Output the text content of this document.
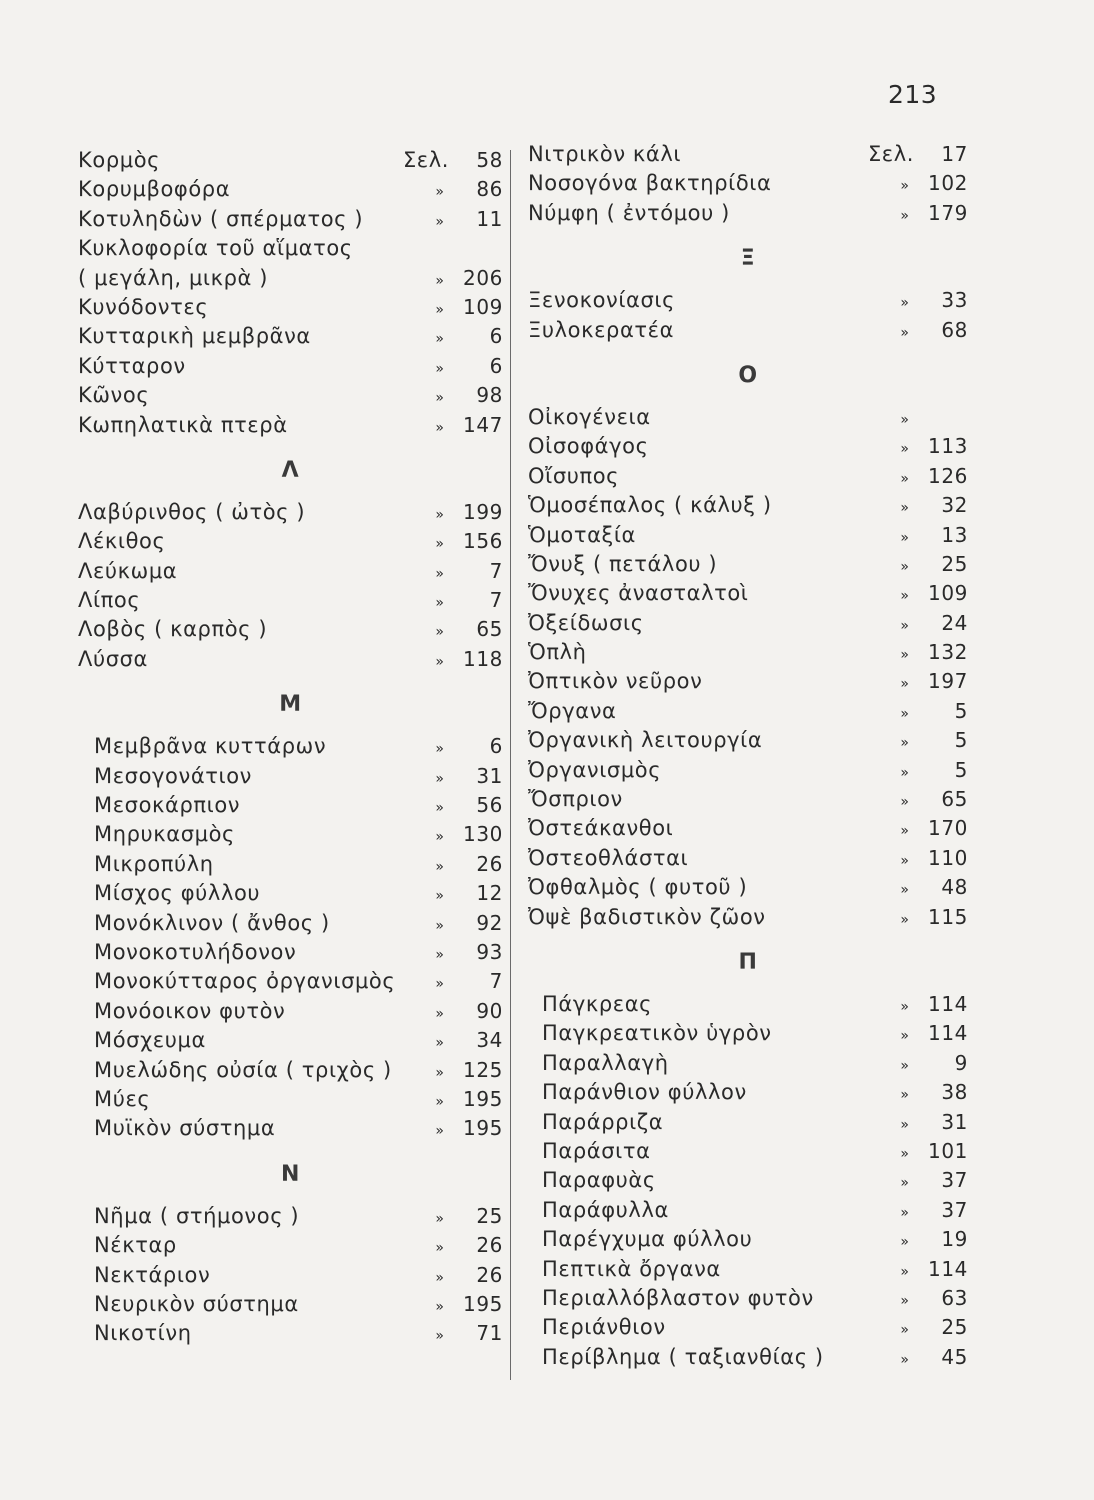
213
Κορμὸς	Σελ.	58
Κορυμβοφόρα	»	86
Κοτυληδὼν ( σπέρματος )	»	11
Κυκλοφορία τοῦ αἵματος
( μεγάλη, μικρὰ )	» 206
Κυνόδοντες	» 109
Κυτταρικὴ μεμβρᾶνα	»	6
Κύτταρον	»	6
Κῶνος	»	98
Κωπηλατικὰ πτερὰ	» 147
Λ
Λαβύρινθος ( ὠτὸς )	» 199
Λέκιθος	» 156
Λεύκωμα	»	7
Λίπος	»	7
Λοβὸς ( καρπὸς )	»	65
Λύσσα	» 118
Μ
Μεμβρᾶνα κυττάρων	»	6
Μεσογονάτιον	»	31
Μεσοκάρπιον	»	56
Μηρυκασμὸς	» 130
Μικροπύλη	»	26
Μίσχος φύλλου	»	12
Μονόκλινον ( ἄνθος )	»	92
Μονοκοτυλήδονον	»	93
Μονοκύτταρος ὀργανισμὸς	»	7
Μονόοικον φυτὸν	»	90
Μόσχευμα	»	34
Μυελώδης οὐσία ( τριχὸς )	» 125
Μύες	» 195
Μυϊκὸν σύστημα	» 195
Ν
Νῆμα ( στήμονος )	»	25
Νέκταρ	»	26
Νεκτάριον	»	26
Νευρικὸν σύστημα	» 195
Νικοτίνη	»	71
Νιτρικὸν κάλι	Σελ.	17
Νοσογόνα βακτηρίδια	» 102
Νύμφη ( ἐντόμου )	» 179
Ξ
Ξενοκονίασις	»	33
Ξυλοκερατέα	»	68
Ο
Οἰκογένεια	»
Οἰσοφάγος	» 113
Οἴσυπος	» 126
Ὁμοσέπαλος ( κάλυξ )	»	32
Ὁμοταξία	»	13
Ὄνυξ ( πετάλου )	»	25
Ὄνυχες ἀνασταλτοὶ	» 109
Ὀξείδωσις	»	24
Ὁπλὴ	» 132
Ὀπτικὸν νεῦρον	» 197
Ὄργανα	»	5
Ὀργανικὴ λειτουργία	»	5
Ὀργανισμὸς	»	5
Ὄσπριον	»	65
Ὀστεάκανθοι	» 170
Ὀστεοθλάσται	» 110
Ὀφθαλμὸς ( φυτοῦ )	»	48
Ὀψὲ βαδιστικὸν ζῶον	» 115
Π
Πάγκρεας	» 114
Παγκρεατικὸν ὑγρὸν	» 114
Παραλλαγὴ	»	9
Παράνθιον φύλλον	»	38
Παράρριζα	»	31
Παράσιτα	» 101
Παραφυὰς	»	37
Παράφυλλα	»	37
Παρέγχυμα φύλλου	»	19
Πεπτικὰ ὄργανα	» 114
Περιαλλόβλαστον φυτὸν	»	63
Περιάνθιον	»	25
Περίβλημα ( ταξιανθίας )	»	45
